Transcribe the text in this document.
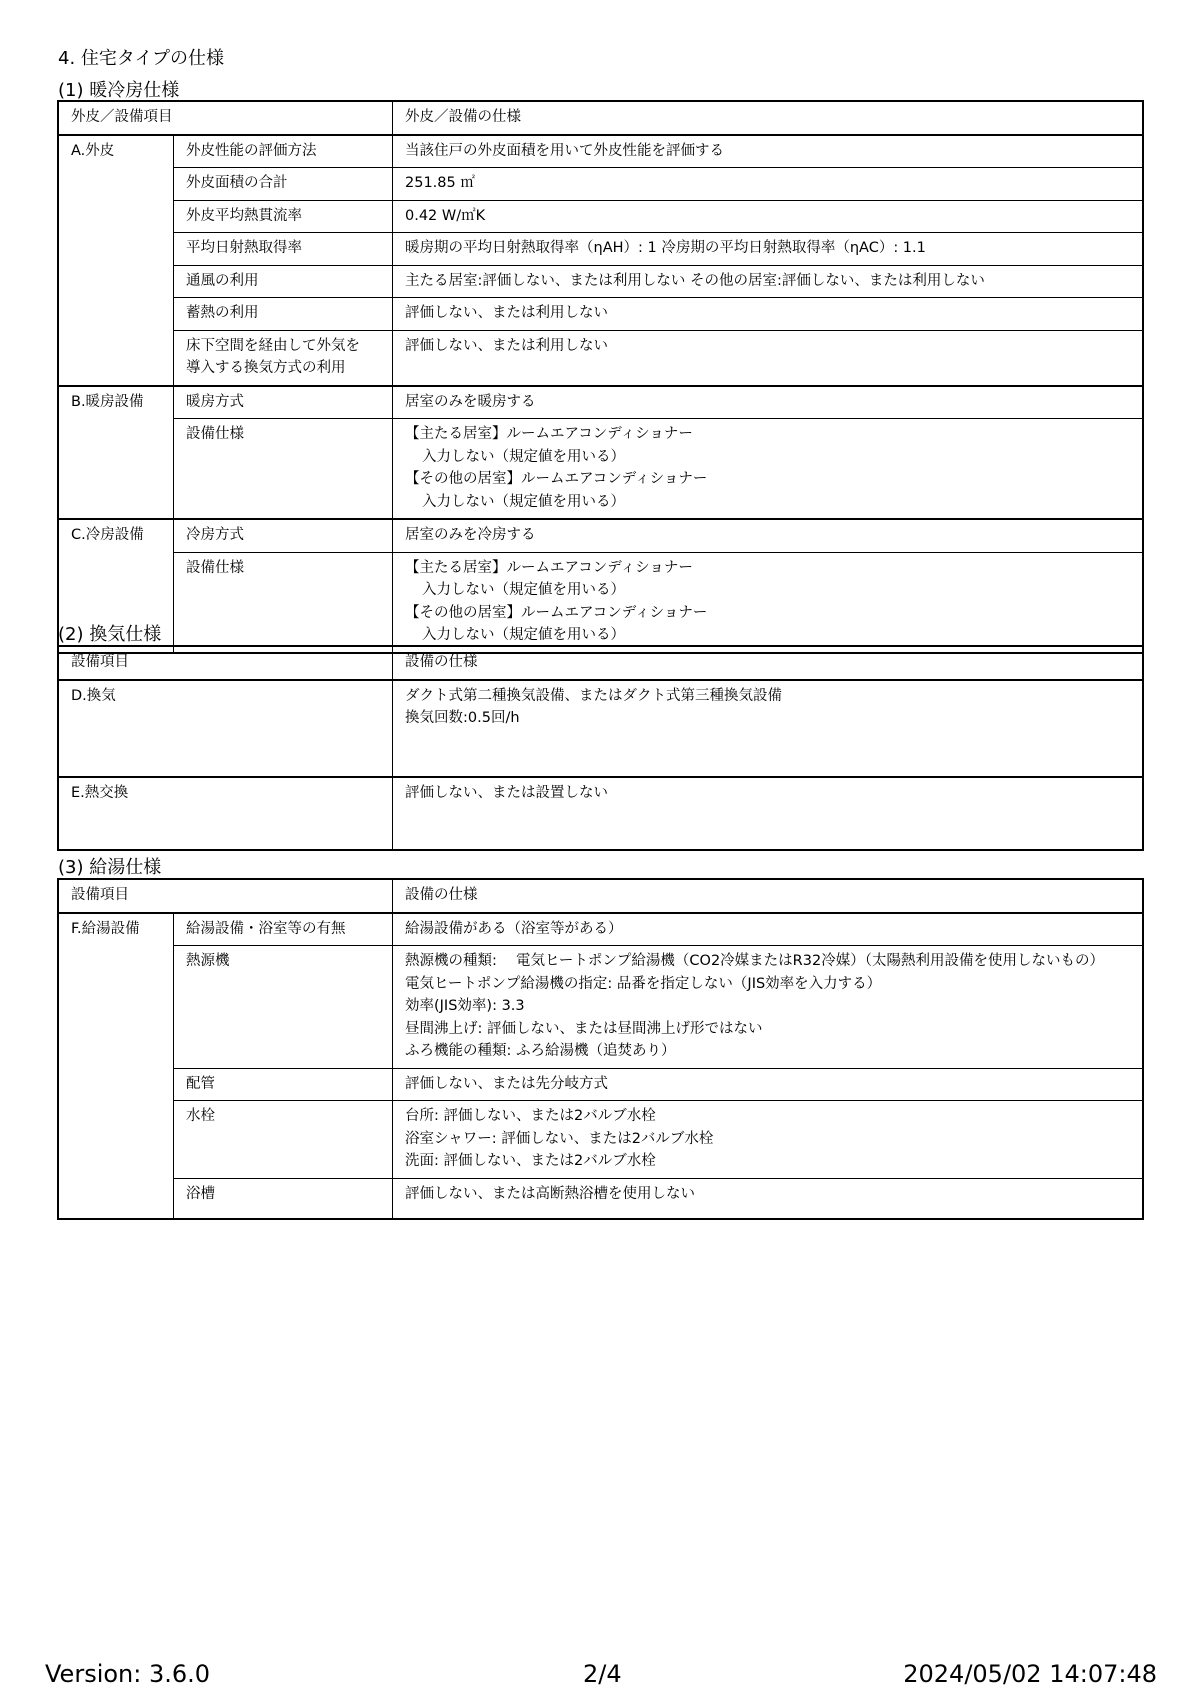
4. 住宅タイプの仕様
(1) 暖冷房仕様
外皮／設備項目		外皮／設備の仕様
A.外皮	外皮性能の評価方法	当該住戸の外皮面積を用いて外皮性能を評価する
	外皮面積の合計	251.85 ㎡
	外皮平均熱貫流率	0.42 W/㎡K
	平均日射熱取得率	暖房期の平均日射熱取得率（ηAH）: 1 冷房期の平均日射熱取得率（ηAC）: 1.1
	通風の利用	主たる居室:評価しない、または利用しない その他の居室:評価しない、または利用しない
	蓄熱の利用	評価しない、または利用しない

	床下空間を経由して外気を
導入する換気方式の利用	評価しない、または利用しない
B.暖房設備	暖房方式	居室のみを暖房する
	設備仕様	【主たる居室】ルームエアコンディショナー
入力しない（規定値を用いる）
【その他の居室】ルームエアコンディショナー
入力しない（規定値を用いる）

C.冷房設備	冷房方式	居室のみを冷房する
	設備仕様	【主たる居室】ルームエアコンディショナー
入力しない（規定値を用いる）
【その他の居室】ルームエアコンディショナー
入力しない（規定値を用いる）
(2) 換気仕様
設備項目	設備の仕様
D.換気	ダクト式第二種換気設備、またはダクト式第三種換気設備
換気回数:0.5回/h

E.熱交換	評価しない、または設置しない
(3) 給湯仕様
設備項目		設備の仕様
F.給湯設備	給湯設備・浴室等の有無	給湯設備がある（浴室等がある）
	熱源機	熱源機の種類:　 電気ヒートポンプ給湯機（CO2冷媒またはR32冷媒）（太陽熱利用設備を使用しないもの）
電気ヒートポンプ給湯機の指定: 品番を指定しない（JIS効率を入力する）
効率(JIS効率): 3.3
昼間沸上げ: 評価しない、または昼間沸上げ形ではない
ふろ機能の種類: ふろ給湯機（追焚あり）

	配管	評価しない、または先分岐方式
	水栓	台所: 評価しない、または2バルブ水栓
浴室シャワー: 評価しない、または2バルブ水栓
洗面: 評価しない、または2バルブ水栓

	浴槽	評価しない、または高断熱浴槽を使用しない
Version: 3.6.0	2/4	2024/05/02 14:07:48
